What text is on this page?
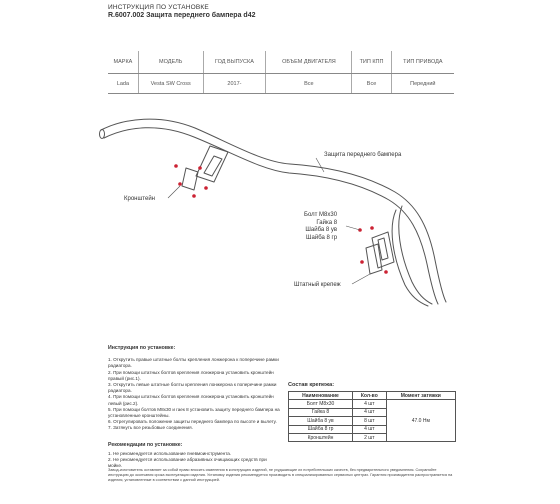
ИНСТРУКЦИЯ ПО УСТАНОВКЕ
R.6007.002 Защита переднего бампера d42
МАРКА	МОДЕЛЬ	ГОД ВЫПУСКА	ОБЪЕМ ДВИГАТЕЛЯ	ТИП КПП	ТИП ПРИВОДА
Lada	Vesta SW Cross	2017-	Все	Все	Передний
Защита переднего бампера
Кронштейн
Болт M8x30
Гайка 8
Шайба 8 ув
Шайба 8 гр
Штатный крепеж
Инструкция по установке:
1. Открутить правые штатные болты крепления лонжерона к поперечине рамки радиатора.
2. При помощи штатных болтов крепления лонжерона установить кронштейн правый (рис.1).
3. Открутить левые штатные болты крепления лонжерона к поперечине рамки радиатора.
4. При помощи штатных болтов крепления лонжерона установить кронштейн левый (рис.2).
5. При помощи болтов M8x30 и гаек 8 установить защиту переднего бампера на установленные кронштейны.
6. Отрегулировать положение защиты переднего бампера по высоте и вылету.
7. Затянуть все резьбовые соединения.
Рекомендации по установке:
1. Не рекомендуется использование пневмоинструмента.
2. Не рекомендуется использование абразивных очищающих средств при мойке.
Состав крепежа:
Наименование	Кол-во	Момент затяжки
Болт M8x30	4 шт	47.0 Нм
Гайка 8	4 шт	
Шайба 8 ув	8 шт	
Шайба 8 гр	4 шт	
Кронштейн	2 шт	
Завод-изготовитель оставляет за собой право вносить изменения в конструкцию изделий, не ухудшающие их потребительских качеств, без предварительного уведомления. Сохраняйте инструкцию до окончания срока эксплуатации изделия. Установку изделия рекомендуется производить в специализированных сервисных центрах. Гарантия производителя распространяется на изделия, установленные в соответствии с данной инструкцией.
